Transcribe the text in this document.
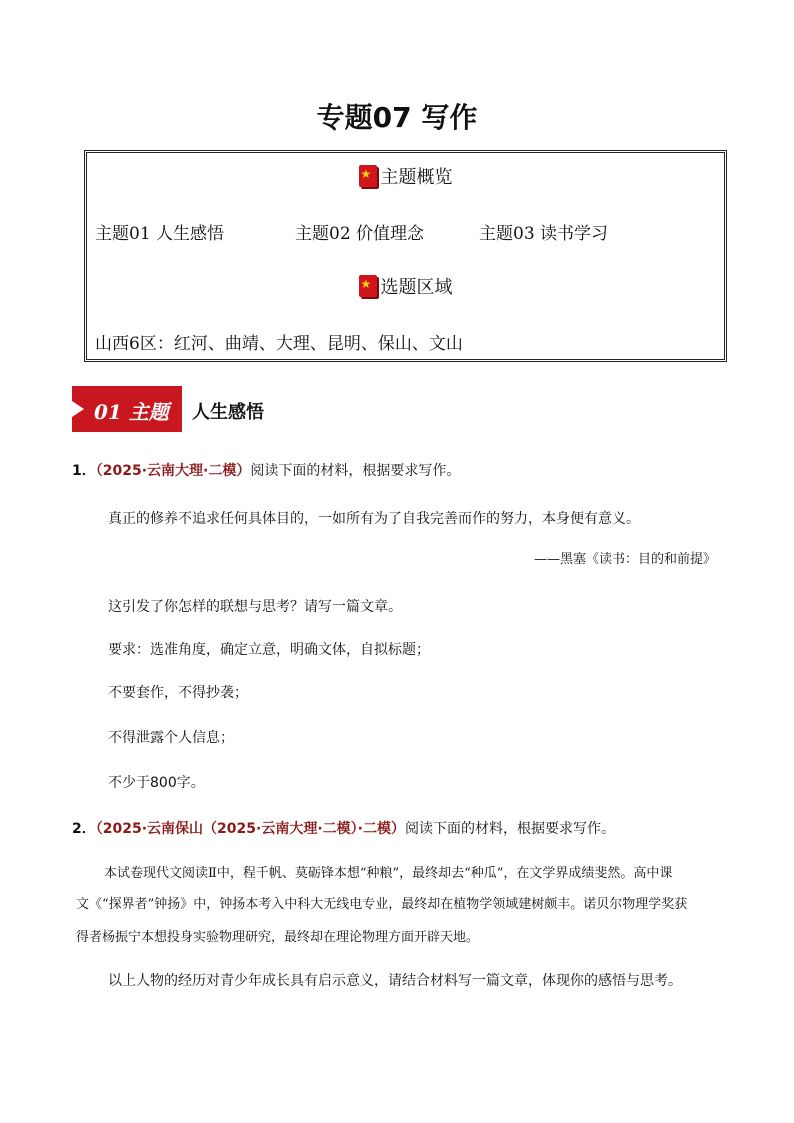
专题07 写作
★
主题概览
主题01 人生感悟	主题02 价值理念	主题03 读书学习
★
选题区域
山西6区：红河、曲靖、大理、昆明、保山、文山
01 主题 人生感悟
1．（2025·云南大理·二模）阅读下面的材料，根据要求写作。
真正的修养不追求任何具体目的，一如所有为了自我完善而作的努力，本身便有意义。
——黑塞《读书：目的和前提》
这引发了你怎样的联想与思考？请写一篇文章。
要求：选准角度，确定立意，明确文体，自拟标题；
不要套作，不得抄袭；
不得泄露个人信息；
不少于800字。
2．（2025·云南保山（2025·云南大理·二模）·二模）阅读下面的材料，根据要求写作。
本试卷现代文阅读Ⅱ中，程千帆、莫砺锋本想“种粮”，最终却去“种瓜”，在文学界成绩斐然。高中课
文《“探界者”钟扬》中，钟扬本考入中科大无线电专业，最终却在植物学领域建树颇丰。诺贝尔物理学奖获
得者杨振宁本想投身实验物理研究，最终却在理论物理方面开辟天地。
以上人物的经历对青少年成长具有启示意义，请结合材料写一篇文章，体现你的感悟与思考。
